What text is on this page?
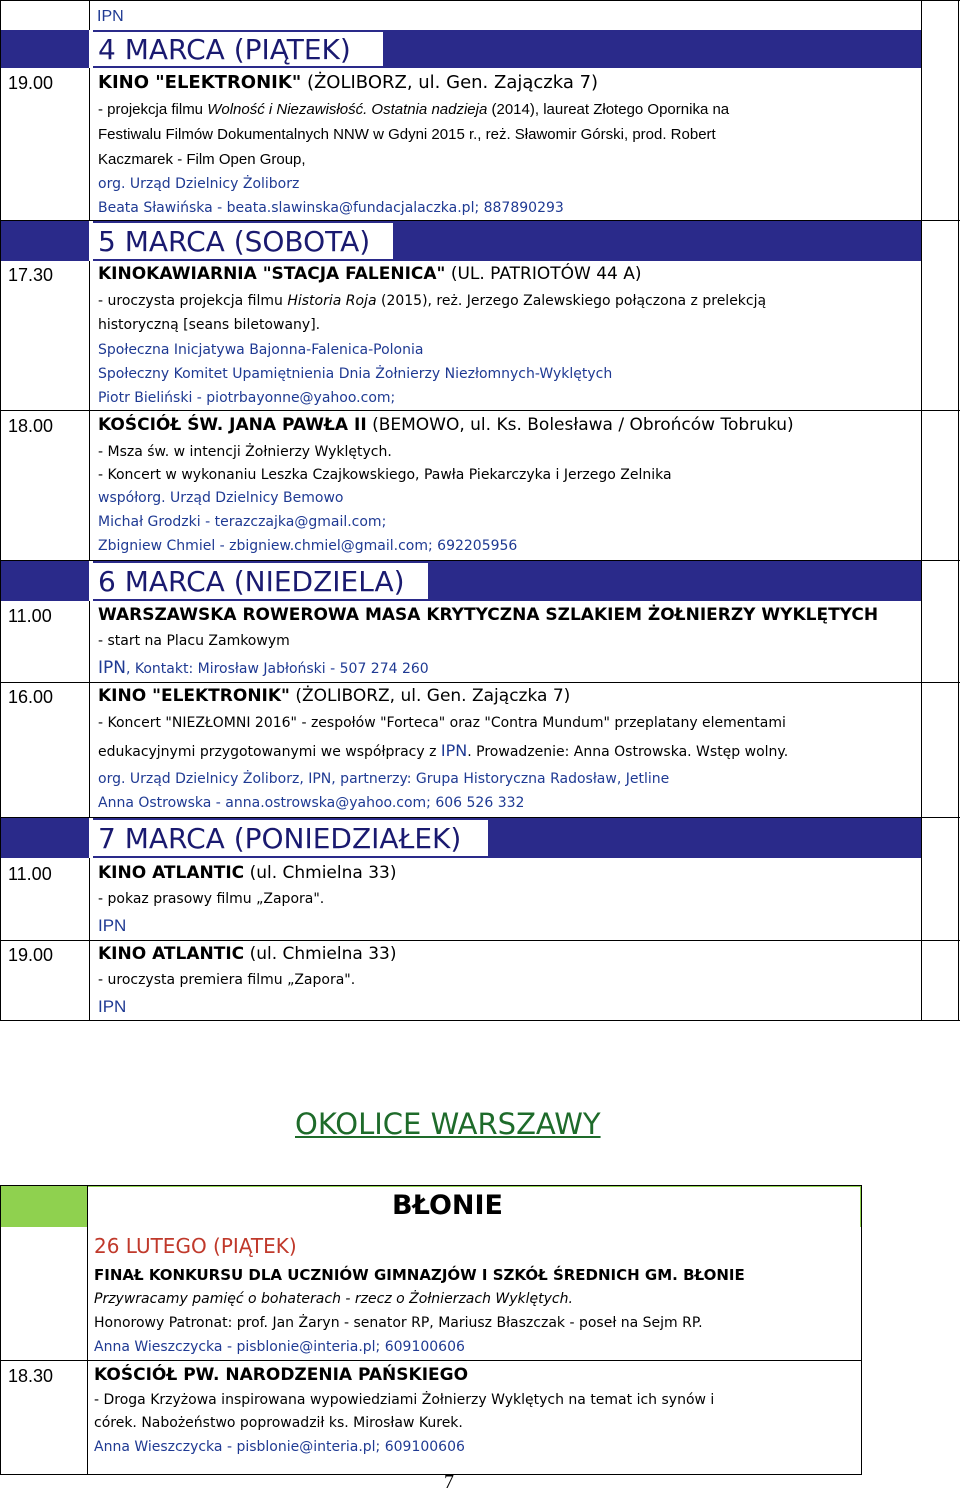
IPN
4 MARCA (PIĄTEK)
19.00 KINO "ELEKTRONIK" (ŻOLIBORZ, ul. Gen. Zajączka 7)
- projekcja filmu Wolność i Niezawisłość. Ostatnia nadzieja (2014), laureat Złotego Opornika na
Festiwalu Filmów Dokumentalnych NNW w Gdyni 2015 r., reż. Sławomir Górski, prod. Robert
Kaczmarek - Film Open Group,
org. Urząd Dzielnicy Żoliborz
Beata Sławińska - beata.slawinska@fundacjalaczka.pl; 887890293
5 MARCA (SOBOTA)
17.30	KINOKAWIARNIA "STACJA FALENICA" (UL. PATRIOTÓW 44 A)
- uroczysta projekcja filmu Historia Roja (2015), reż. Jerzego Zalewskiego połączona z prelekcją
historyczną [seans biletowany].
Społeczna Inicjatywa Bajonna-Falenica-Polonia
Społeczny Komitet Upamiętnienia Dnia Żołnierzy Niezłomnych-Wyklętych
Piotr Bieliński - piotrbayonne@yahoo.com;
18.00	KOŚCIÓŁ ŚW. JANA PAWŁA II (BEMOWO, ul. Ks. Bolesława / Obrońców Tobruku)
- Msza św. w intencji Żołnierzy Wyklętych.
- Koncert w wykonaniu Leszka Czajkowskiego, Pawła Piekarczyka i Jerzego Zelnika
współorg. Urząd Dzielnicy Bemowo
Michał Grodzki - terazczajka@gmail.com;
Zbigniew Chmiel - zbigniew.chmiel@gmail.com; 692205956
6 MARCA (NIEDZIELA)
11.00	WARSZAWSKA ROWEROWA MASA KRYTYCZNA SZLAKIEM ŻOŁNIERZY WYKLĘTYCH
- start na Placu Zamkowym
IPN, Kontakt: Mirosław Jabłoński - 507 274 260
16.00	KINO "ELEKTRONIK" (ŻOLIBORZ, ul. Gen. Zajączka 7)
- Koncert "NIEZŁOMNI 2016" - zespołów "Forteca" oraz "Contra Mundum" przeplatany elementami
edukacyjnymi przygotowanymi we współpracy z IPN. Prowadzenie: Anna Ostrowska. Wstęp wolny.
org. Urząd Dzielnicy Żoliborz, IPN, partnerzy: Grupa Historyczna Radosław, Jetline
Anna Ostrowska - anna.ostrowska@yahoo.com; 606 526 332
7 MARCA (PONIEDZIAŁEK)
11.00	KINO ATLANTIC (ul. Chmielna 33)
- pokaz prasowy filmu „Zapora".
IPN
19.00	KINO ATLANTIC (ul. Chmielna 33)
- uroczysta premiera filmu „Zapora".
IPN
OKOLICE WARSZAWY
BŁONIE
26 LUTEGO (PIĄTEK)
FINAŁ KONKURSU DLA UCZNIÓW GIMNAZJÓW I SZKÓŁ ŚREDNICH GM. BŁONIE
Przywracamy pamięć o bohaterach - rzecz o Żołnierzach Wyklętych.
Honorowy Patronat: prof. Jan Żaryn - senator RP, Mariusz Błaszczak - poseł na Sejm RP.
Anna Wieszczycka - pisblonie@interia.pl; 609100606
18.30 KOŚCIÓŁ PW. NARODZENIA PAŃSKIEGO
- Droga Krzyżowa inspirowana wypowiedziami Żołnierzy Wyklętych na temat ich synów i
córek. Nabożeństwo poprowadził ks. Mirosław Kurek.
Anna Wieszczycka - pisblonie@interia.pl; 609100606
7
